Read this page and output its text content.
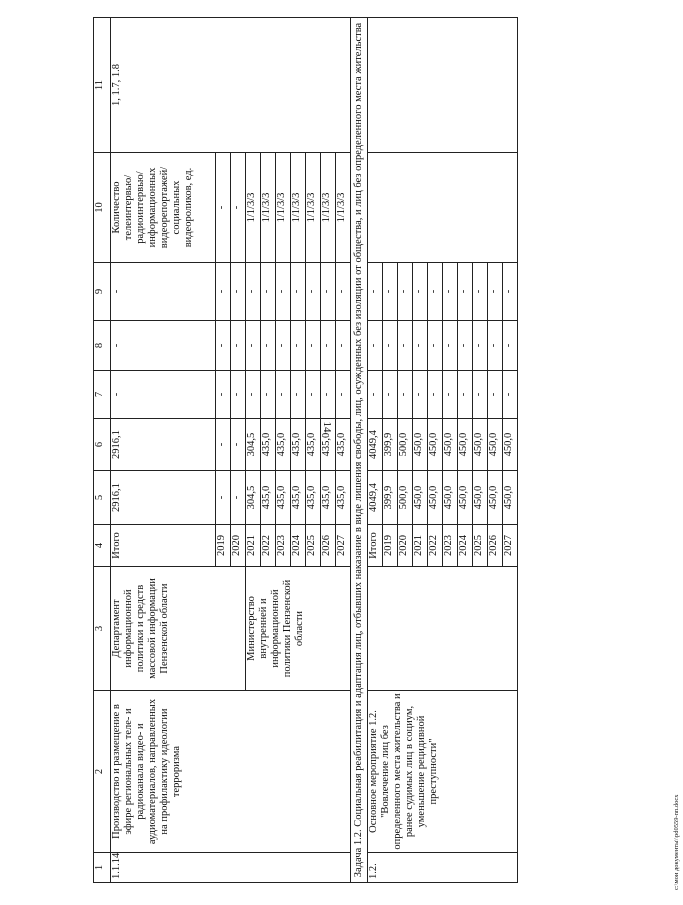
14
c:\мои документы\\pd0559-nn.docx
1	2	3	4	5	6	7	8	9	10	11
1.1.14	Производство и размещение в эфире региональных теле- и радиоканала видео- и аудиоматериалов, направленных на профилактику идеологии терроризма	Департамент информационной политики и средств массовой информации Пензенской области	Итого	2916,1	2916,1	-	-	-	Количество телеинтервью/ радиоинтервью/ информационных видеорепортажей/ социальных видеороликов, ед.	1, 1.7, 1.8
			2019	-	-	-	-	-	-	
			2020	-	-	-	-	-	-	
		Министерство внутренней и информационной политики Пензенской области	2021	304,5	304,5	-	-	-	1/1/3/3	
			2022	435,0	435,0	-	-	-	1/1/3/3	
			2023	435,0	435,0	-	-	-	1/1/3/3	
			2024	435,0	435,0	-	-	-	1/1/3/3	
			2025	435,0	435,0	-	-	-	1/1/3/3	
			2026	435,0	435,0	-	-	-	1/1/3/3	
			2027	435,0	435,0	-	-	-	1/1/3/3	
Задача 1.2. Социальная реабилитация и адаптация лиц, отбывших наказание в виде лишения свободы, лиц, осужденных без изоляции от общества, и лиц без определенного места жительства										
1.2.	Основное мероприятие 1.2. "Вовлечение лиц без определенного места жительства и ранее судимых лиц в социум, уменьшение рецидивной преступности"		Итого	4049,4	4049,4	-	-	-		
			2019	399,9	399,9	-	-	-		
			2020	500,0	500,0	-	-	-		
			2021	450,0	450,0	-	-	-		
			2022	450,0	450,0	-	-	-		
			2023	450,0	450,0	-	-	-		
			2024	450,0	450,0	-	-	-		
			2025	450,0	450,0	-	-	-		
			2026	450,0	450,0	-	-	-		
			2027	450,0	450,0	-	-	-		
